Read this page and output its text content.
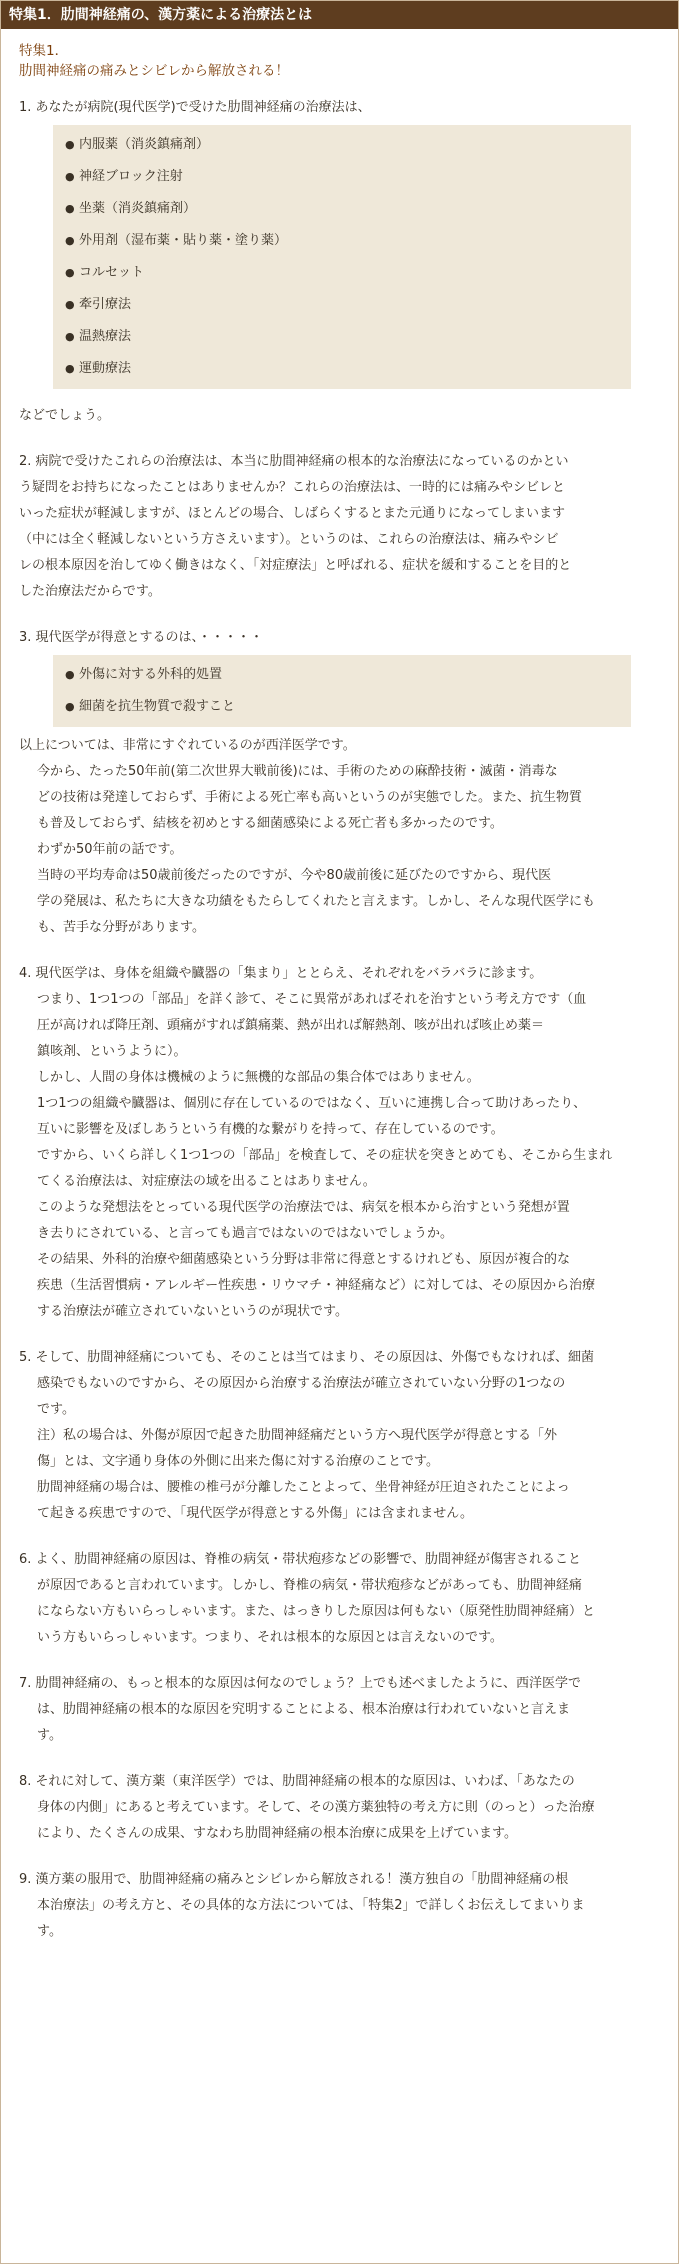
特集1．肋間神経痛の、漢方薬による治療法とは
特集1．
肋間神経痛の痛みとシビレから解放される！
1. あなたが病院(現代医学)で受けた肋間神経痛の治療法は、
● 内服薬（消炎鎮痛剤）
● 神経ブロック注射
● 坐薬（消炎鎮痛剤）
● 外用剤（湿布薬・貼り薬・塗り薬）
● コルセット
● 牽引療法
● 温熱療法
● 運動療法
などでしょう。
2. 病院で受けたこれらの治療法は、本当に肋間神経痛の根本的な治療法になっているのかとい
う疑問をお持ちになったことはありませんか？これらの治療法は、一時的には痛みやシビレと
いった症状が軽減しますが、ほとんどの場合、しばらくするとまた元通りになってしまいます
（中には全く軽減しないという方さえいます）。というのは、これらの治療法は、痛みやシビ
レの根本原因を治してゆく働きはなく、「対症療法」と呼ばれる、症状を緩和することを目的と
した治療法だからです。
3. 現代医学が得意とするのは、・・・・・
● 外傷に対する外科的処置
● 細菌を抗生物質で殺すこと
以上については、非常にすぐれているのが西洋医学です。
今から、たった50年前(第二次世界大戦前後)には、手術のための麻酔技術・滅菌・消毒な
どの技術は発達しておらず、手術による死亡率も高いというのが実態でした。また、抗生物質
も普及しておらず、結核を初めとする細菌感染による死亡者も多かったのです。
わずか50年前の話です。
当時の平均寿命は50歳前後だったのですが、今や80歳前後に延びたのですから、現代医
学の発展は、私たちに大きな功績をもたらしてくれたと言えます。しかし、そんな現代医学にも
も、苦手な分野があります。
4. 現代医学は、身体を組織や臓器の「集まり」ととらえ、それぞれをバラバラに診ます。
つまり、1つ1つの「部品」を詳く診て、そこに異常があればそれを治すという考え方です（血
圧が高ければ降圧剤、頭痛がすれば鎮痛薬、熱が出れば解熱剤、咳が出れば咳止め薬＝
鎮咳剤、というように）。
しかし、人間の身体は機械のように無機的な部品の集合体ではありません。
1つ1つの組織や臓器は、個別に存在しているのではなく、互いに連携し合って助けあったり、
互いに影響を及ぼしあうという有機的な繋がりを持って、存在しているのです。
ですから、いくら詳しく1つ1つの「部品」を検査して、その症状を突きとめても、そこから生まれ
てくる治療法は、対症療法の域を出ることはありません。
このような発想法をとっている現代医学の治療法では、病気を根本から治すという発想が置
き去りにされている、と言っても過言ではないのではないでしょうか。
その結果、外科的治療や細菌感染という分野は非常に得意とするけれども、原因が複合的な
疾患（生活習慣病・アレルギー性疾患・リウマチ・神経痛など）に対しては、その原因から治療
する治療法が確立されていないというのが現状です。
5. そして、肋間神経痛についても、そのことは当てはまり、その原因は、外傷でもなければ、細菌
感染でもないのですから、その原因から治療する治療法が確立されていない分野の1つなの
です。
注）私の場合は、外傷が原因で起きた肋間神経痛だという方へ現代医学が得意とする「外
傷」とは、文字通り身体の外側に出来た傷に対する治療のことです。
肋間神経痛の場合は、腰椎の椎弓が分離したことよって、坐骨神経が圧迫されたことによっ
て起きる疾患ですので、「現代医学が得意とする外傷」には含まれません。
6. よく、肋間神経痛の原因は、脊椎の病気・帯状疱疹などの影響で、肋間神経が傷害されること
が原因であると言われています。しかし、脊椎の病気・帯状疱疹などがあっても、肋間神経痛
にならない方もいらっしゃいます。また、はっきりした原因は何もない（原発性肋間神経痛）と
いう方もいらっしゃいます。つまり、それは根本的な原因とは言えないのです。
7. 肋間神経痛の、もっと根本的な原因は何なのでしょう？上でも述べましたように、西洋医学で
は、肋間神経痛の根本的な原因を究明することによる、根本治療は行われていないと言えま
す。
8. それに対して、漢方薬（東洋医学）では、肋間神経痛の根本的な原因は、いわば、「あなたの
身体の内側」にあると考えています。そして、その漢方薬独特の考え方に則（のっと）った治療
により、たくさんの成果、すなわち肋間神経痛の根本治療に成果を上げています。
9. 漢方薬の服用で、肋間神経痛の痛みとシビレから解放される！漢方独自の「肋間神経痛の根
本治療法」の考え方と、その具体的な方法については、「特集2」で詳しくお伝えしてまいりま
す。
